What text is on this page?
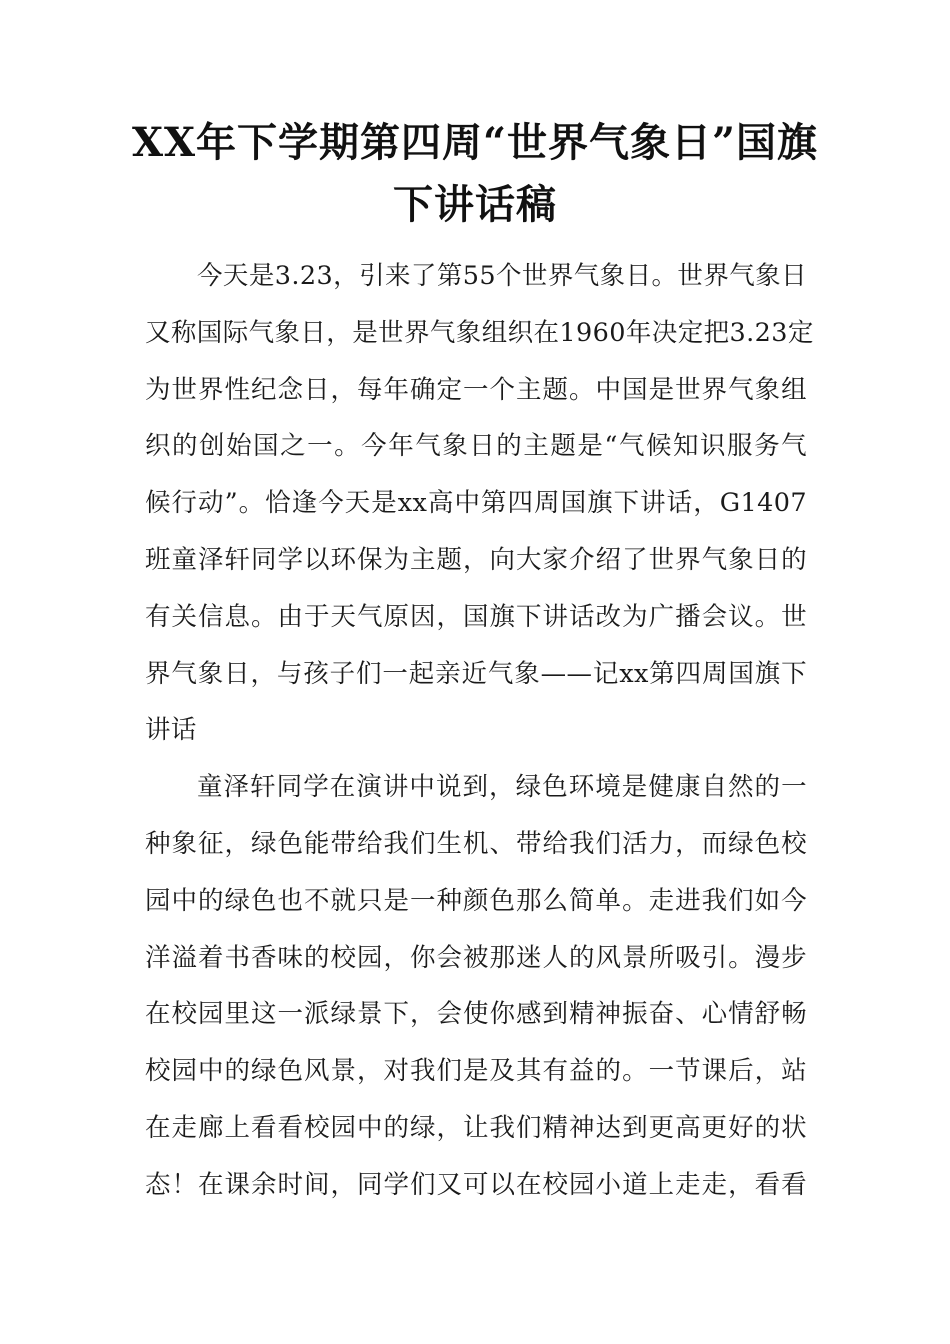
XX年下学期第四周“世界气象日”国旗
下讲话稿
今天是3.23，引来了第55个世界气象日。世界气象日
又称国际气象日，是世界气象组织在1960年决定把3.23定
为世界性纪念日，每年确定一个主题。中国是世界气象组
织的创始国之一。今年气象日的主题是“气候知识服务气
候行动”。恰逢今天是xx高中第四周国旗下讲话，G1407
班童泽轩同学以环保为主题，向大家介绍了世界气象日的
有关信息。由于天气原因，国旗下讲话改为广播会议。世
界气象日，与孩子们一起亲近气象——记xx第四周国旗下
讲话
童泽轩同学在演讲中说到，绿色环境是健康自然的一
种象征，绿色能带给我们生机、带给我们活力，而绿色校
园中的绿色也不就只是一种颜色那么简单。走进我们如今
洋溢着书香味的校园，你会被那迷人的风景所吸引。漫步
在校园里这一派绿景下，会使你感到精神振奋、心情舒畅
校园中的绿色风景，对我们是及其有益的。一节课后，站
在走廊上看看校园中的绿，让我们精神达到更高更好的状
态！在课余时间，同学们又可以在校园小道上走走，看看
